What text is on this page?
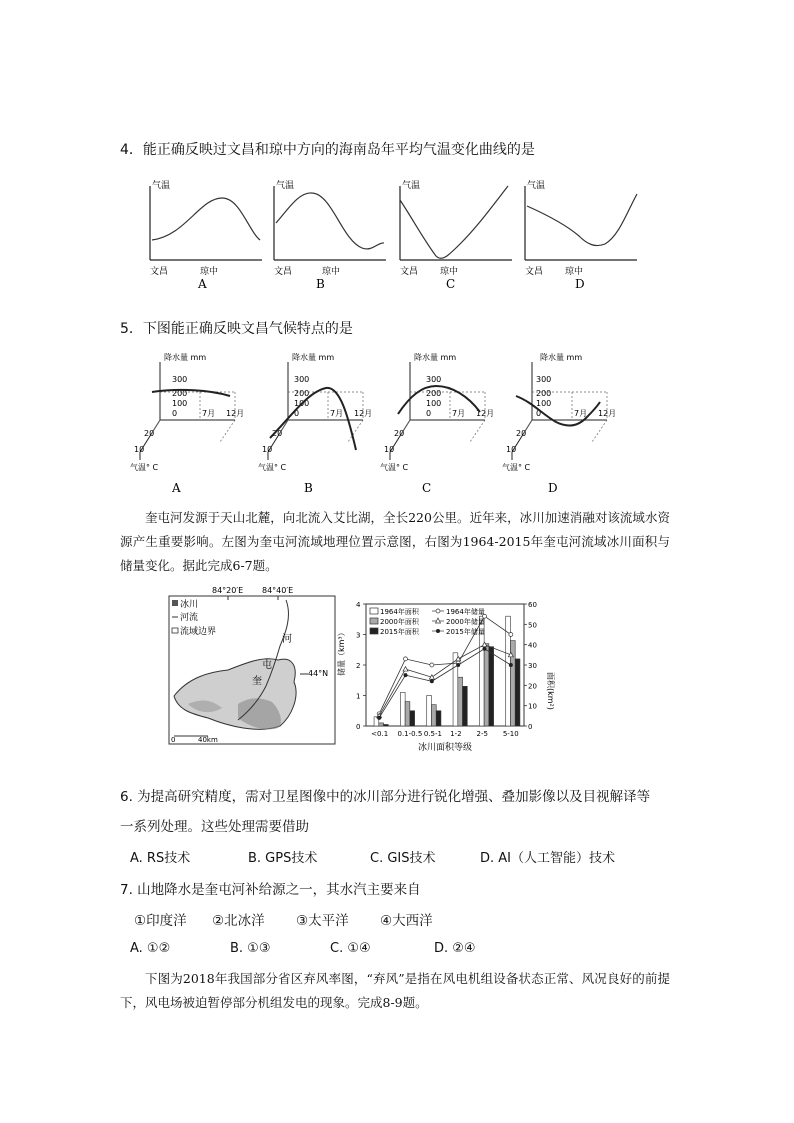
4．能正确反映过文昌和琼中方向的海南岛年平均气温变化曲线的是
气温
文昌	琼中
A
气温
文昌	琼中
B
气温
文昌 琼中
C
气温
文昌 琼中
D
5．下图能正确反映文昌气候特点的是
降水量 mm
300
200
100
0	7月 12月
20
10
气温° C
A
降水量 mm
300
200
100
0	7月 12月
20
10
气温° C
B
降水量 mm
300
200
100
0	7月 12月
20
10
气温° C
C
降水量 mm
300
200
100
0	7月 12月
20
10
气温° C
D
奎屯河发源于天山北麓，向北流入艾比湖，全长220公里。近年来，冰川加速消融对该流域水资源产生重要影响。左图为奎屯河流域地理位置示意图，右图为1964-2015年奎屯河流域冰川面积与储量变化。据此完成6-7题。
84°20′E 84°40′E
冰川
河流
流域边界
河
屯
奎
44°N
0	40km
储量（km³）
面积(km²)
冰川面积等级
0
1
2
3
4
0
10
20
30
40
50
60
<0.1 0.1-0.5 0.5-1 1-2 2-5 5-10
1964年面积
2000年面积
2015年面积
1964年储量
2000年储量
2015年储量
6. 为提高研究精度，需对卫星图像中的冰川部分进行锐化增强、叠加影像以及目视解译等
一系列处理。这些处理需要借助
A. RS技术	B. GPS技术	C. GIS技术	D. AI（人工智能）技术
7. 山地降水是奎屯河补给源之一，其水汽主要来自
①印度洋 ②北冰洋 ③太平洋 ④大西洋
A. ①②	B. ①③	C. ①④	D. ②④
下图为2018年我国部分省区弃风率图，“弃风”是指在风电机组设备状态正常、风况良好的前提下，风电场被迫暂停部分机组发电的现象。完成8-9题。
